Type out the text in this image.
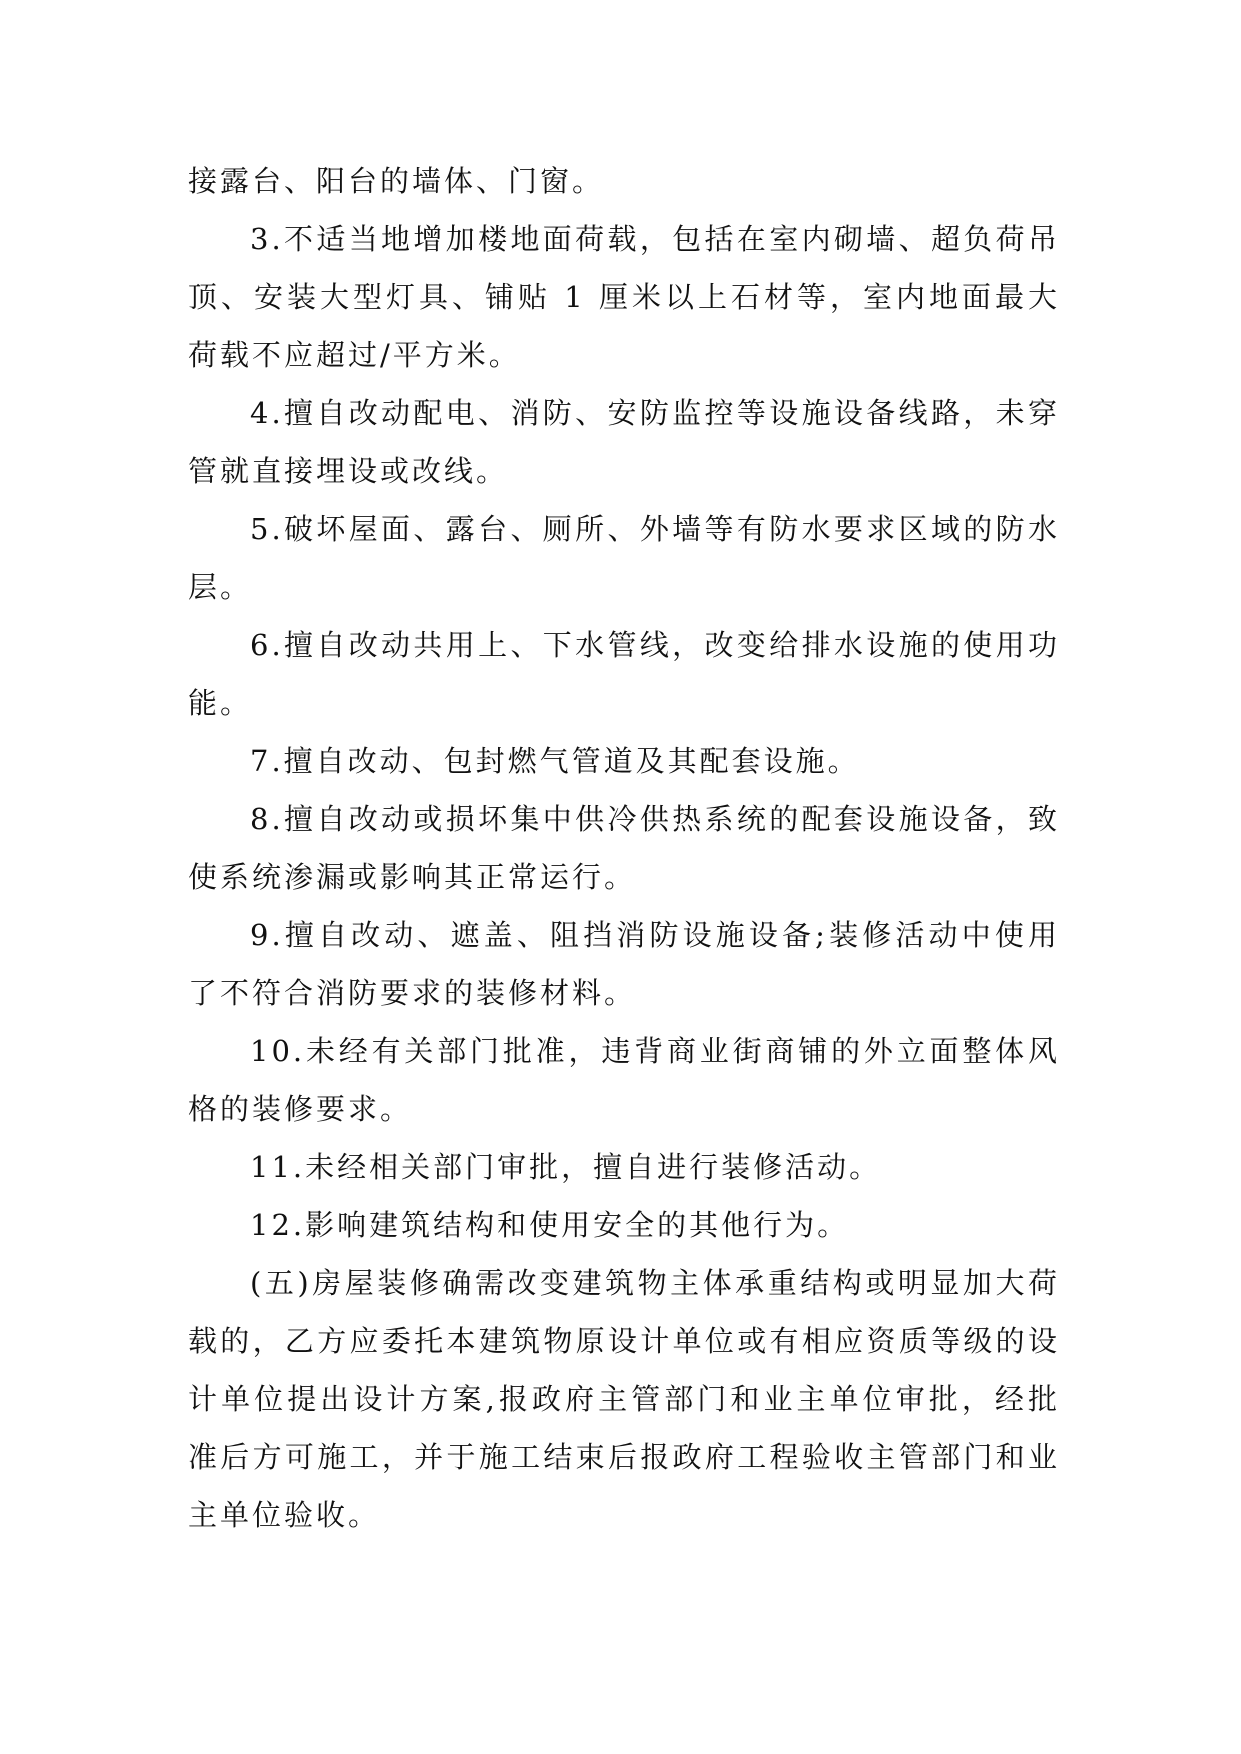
接露台、阳台的墙体、门窗。

3.不适当地增加楼地面荷载，包括在室内砌墙、超负荷吊顶、安装大型灯具、铺贴 1 厘米以上石材等，室内地面最大荷载不应超过/平方米。

4.擅自改动配电、消防、安防监控等设施设备线路，未穿管就直接埋设或改线。

5.破坏屋面、露台、厕所、外墙等有防水要求区域的防水层。

6.擅自改动共用上、下水管线，改变给排水设施的使用功能。

7.擅自改动、包封燃气管道及其配套设施。

8.擅自改动或损坏集中供冷供热系统的配套设施设备，致使系统渗漏或影响其正常运行。

9.擅自改动、遮盖、阻挡消防设施设备;装修活动中使用了不符合消防要求的装修材料。

10.未经有关部门批准，违背商业街商铺的外立面整体风格的装修要求。

11.未经相关部门审批，擅自进行装修活动。

12.影响建筑结构和使用安全的其他行为。

(五)房屋装修确需改变建筑物主体承重结构或明显加大荷载的，乙方应委托本建筑物原设计单位或有相应资质等级的设计单位提出设计方案,报政府主管部门和业主单位审批，经批准后方可施工，并于施工结束后报政府工程验收主管部门和业主单位验收。
